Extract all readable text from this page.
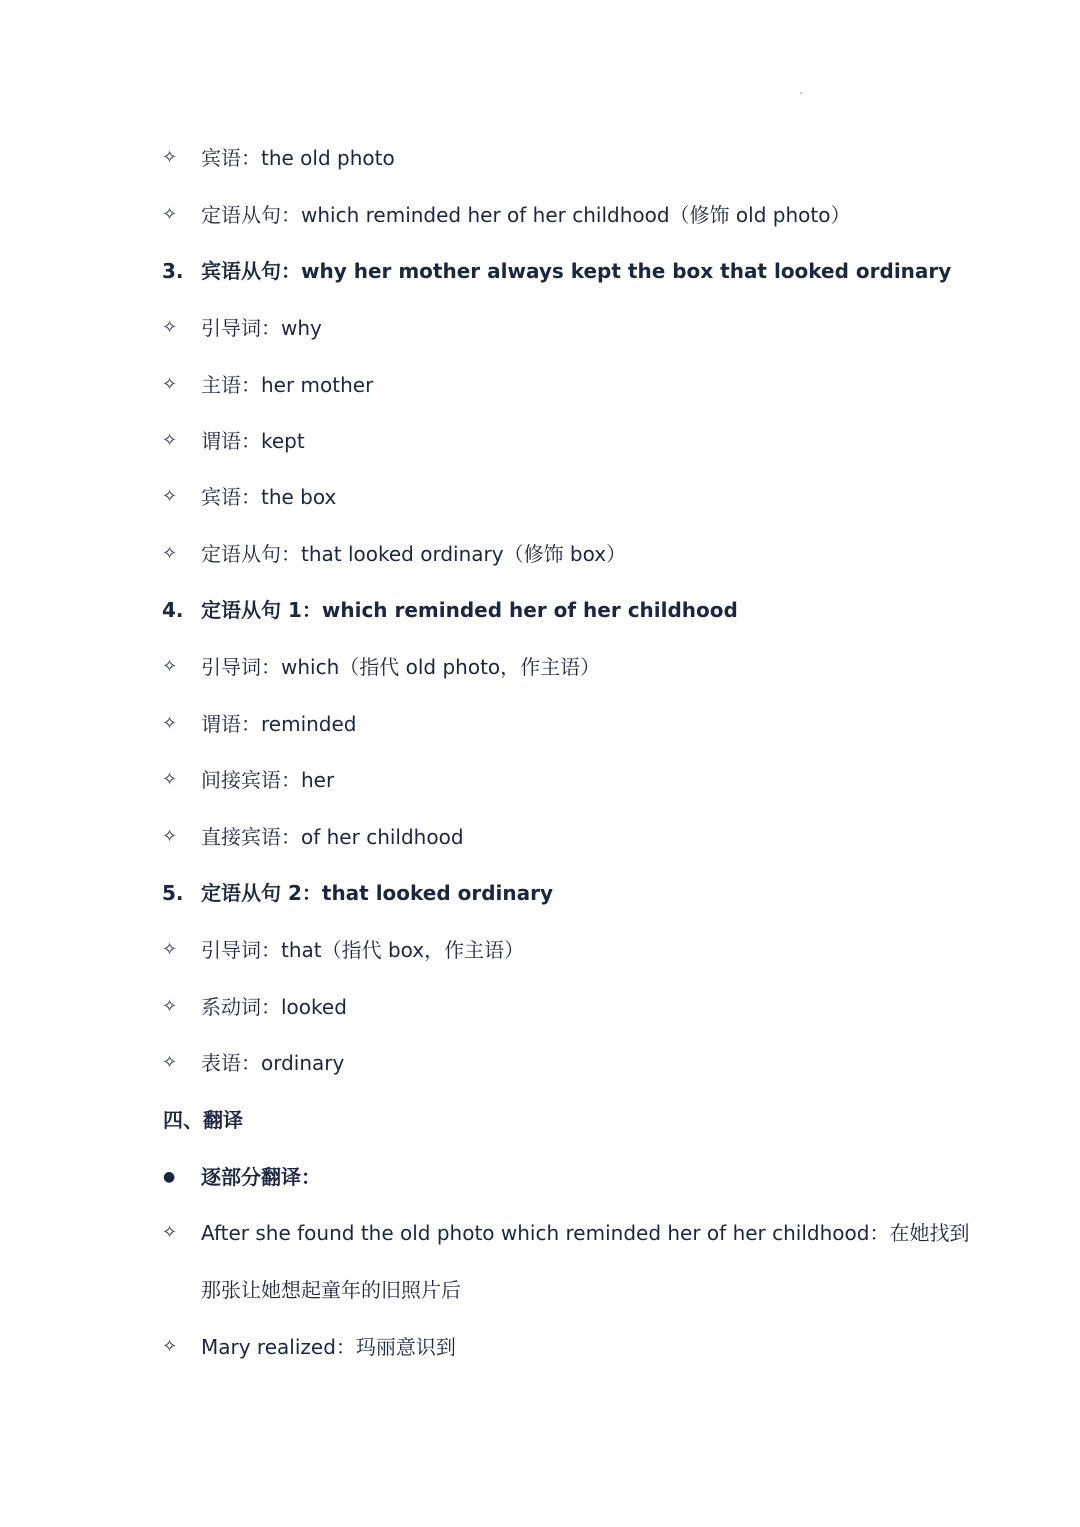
✧	宾语：the old photo
✧	定语从句：which reminded her of her childhood（修饰 old photo）
3. 宾语从句：why her mother always kept the box that looked ordinary
✧	引导词：why
✧	主语：her mother
✧	谓语：kept
✧	宾语：the box
✧	定语从句：that looked ordinary（修饰 box）
4. 定语从句 1：which reminded her of her childhood
✧	引导词：which（指代 old photo，作主语）
✧	谓语：reminded
✧	间接宾语：her
✧	直接宾语：of her childhood
5. 定语从句 2：that looked ordinary
✧	引导词：that（指代 box，作主语）
✧	系动词：looked
✧	表语：ordinary
四、翻译
●	逐部分翻译：
✧	After she found the old photo which reminded her of her childhood：在她找到
那张让她想起童年的旧照片后
✧	Mary realized：玛丽意识到
